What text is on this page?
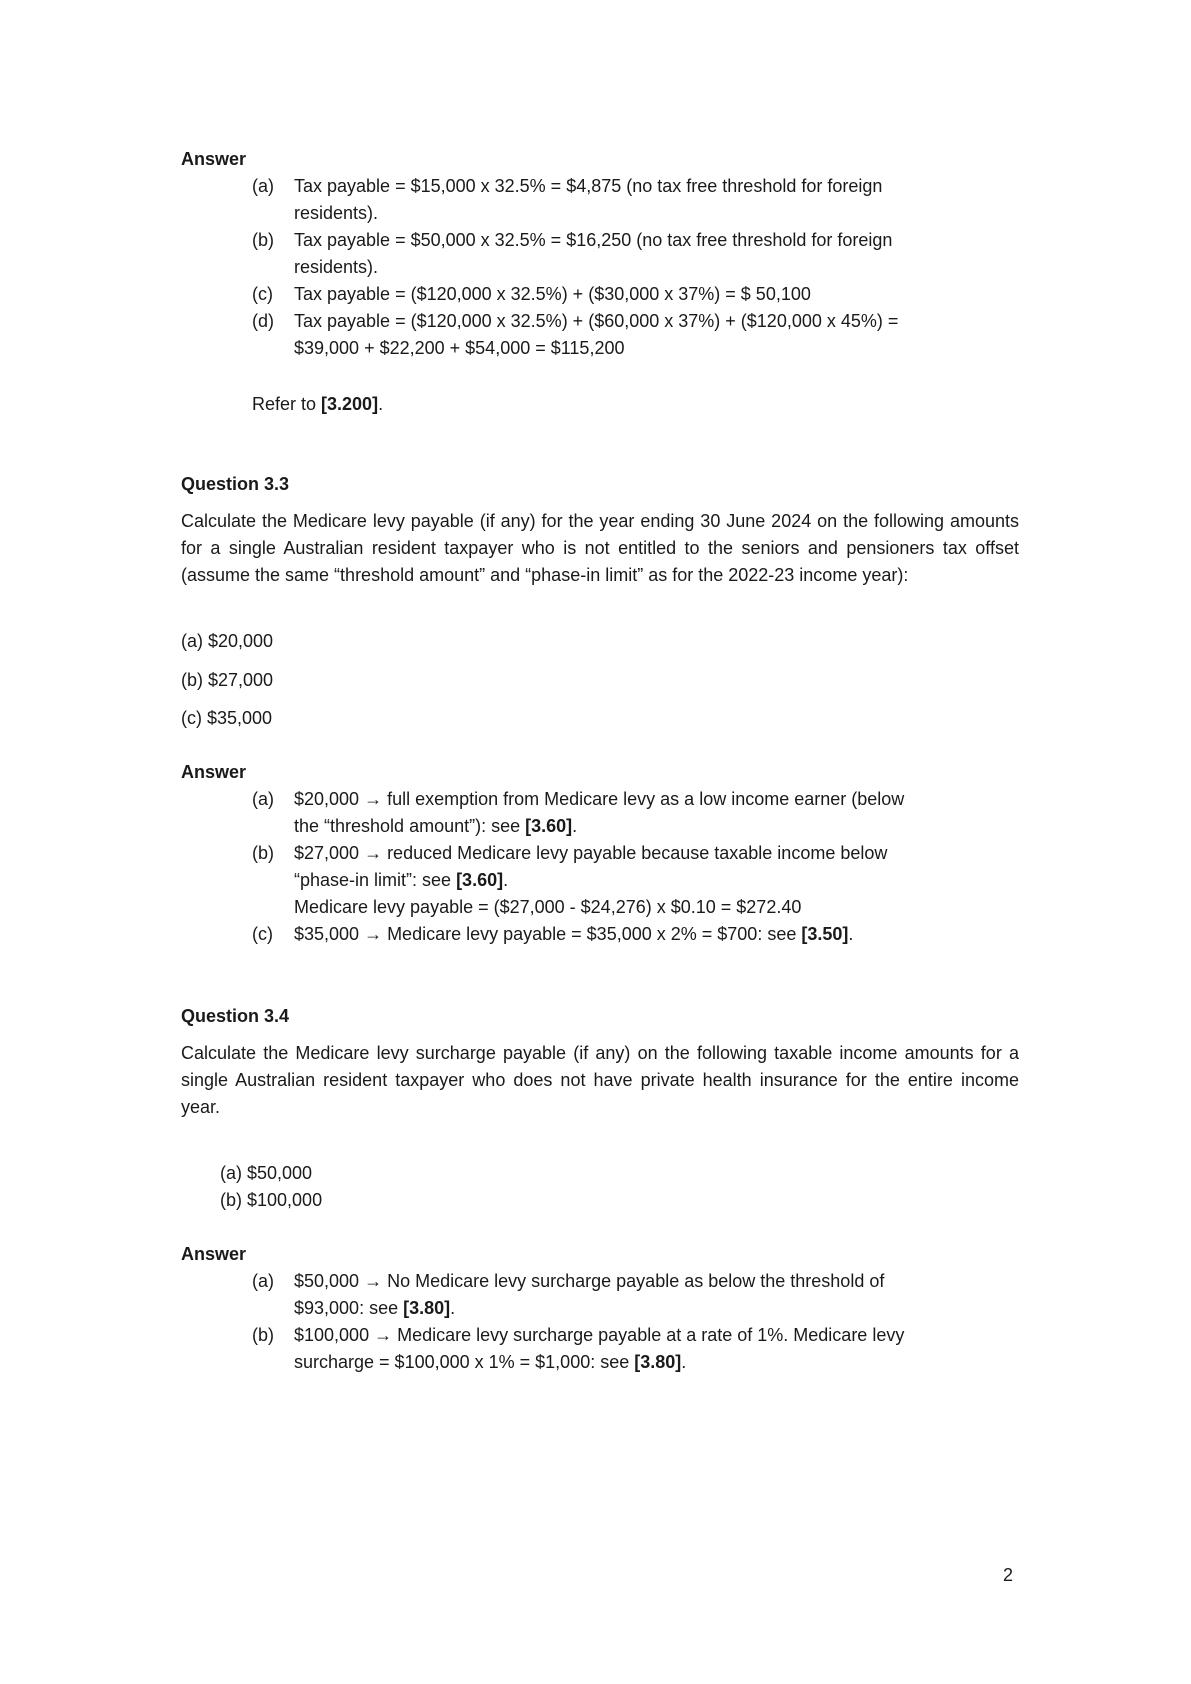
Answer
(a) Tax payable = $15,000 x 32.5% = $4,875 (no tax free threshold for foreign
residents).
(b) Tax payable = $50,000 x 32.5% = $16,250 (no tax free threshold for foreign
residents).
(c) Tax payable = ($120,000 x 32.5%) + ($30,000 x 37%) = $ 50,100
(d) Tax payable = ($120,000 x 32.5%) + ($60,000 x 37%) + ($120,000 x 45%) =
$39,000 + $22,200 + $54,000 = $115,200
Refer to [3.200].
Question 3.3

Calculate the Medicare levy payable (if any) for the year ending 30 June 2024 on the following amounts for a single Australian resident taxpayer who is not entitled to the seniors and pensioners tax offset (assume the same “threshold amount” and “phase-in limit” as for the 2022-23 income year):

(a) $20,000
(b) $27,000
(c) $35,000
Answer
(a) $20,000 → full exemption from Medicare levy as a low income earner (below
the “threshold amount”): see [3.60].
(b) $27,000 → reduced Medicare levy payable because taxable income below
“phase-in limit”: see [3.60].
Medicare levy payable = ($27,000 - $24,276) x $0.10 = $272.40
(c) $35,000 → Medicare levy payable = $35,000 x 2% = $700: see [3.50].
Question 3.4

Calculate the Medicare levy surcharge payable (if any) on the following taxable income amounts for a single Australian resident taxpayer who does not have private health insurance for the entire income year.

(a) $50,000
(b) $100,000
Answer
(a) $50,000 → No Medicare levy surcharge payable as below the threshold of
$93,000: see [3.80].
(b) $100,000 → Medicare levy surcharge payable at a rate of 1%. Medicare levy
surcharge = $100,000 x 1% = $1,000: see [3.80].
2
